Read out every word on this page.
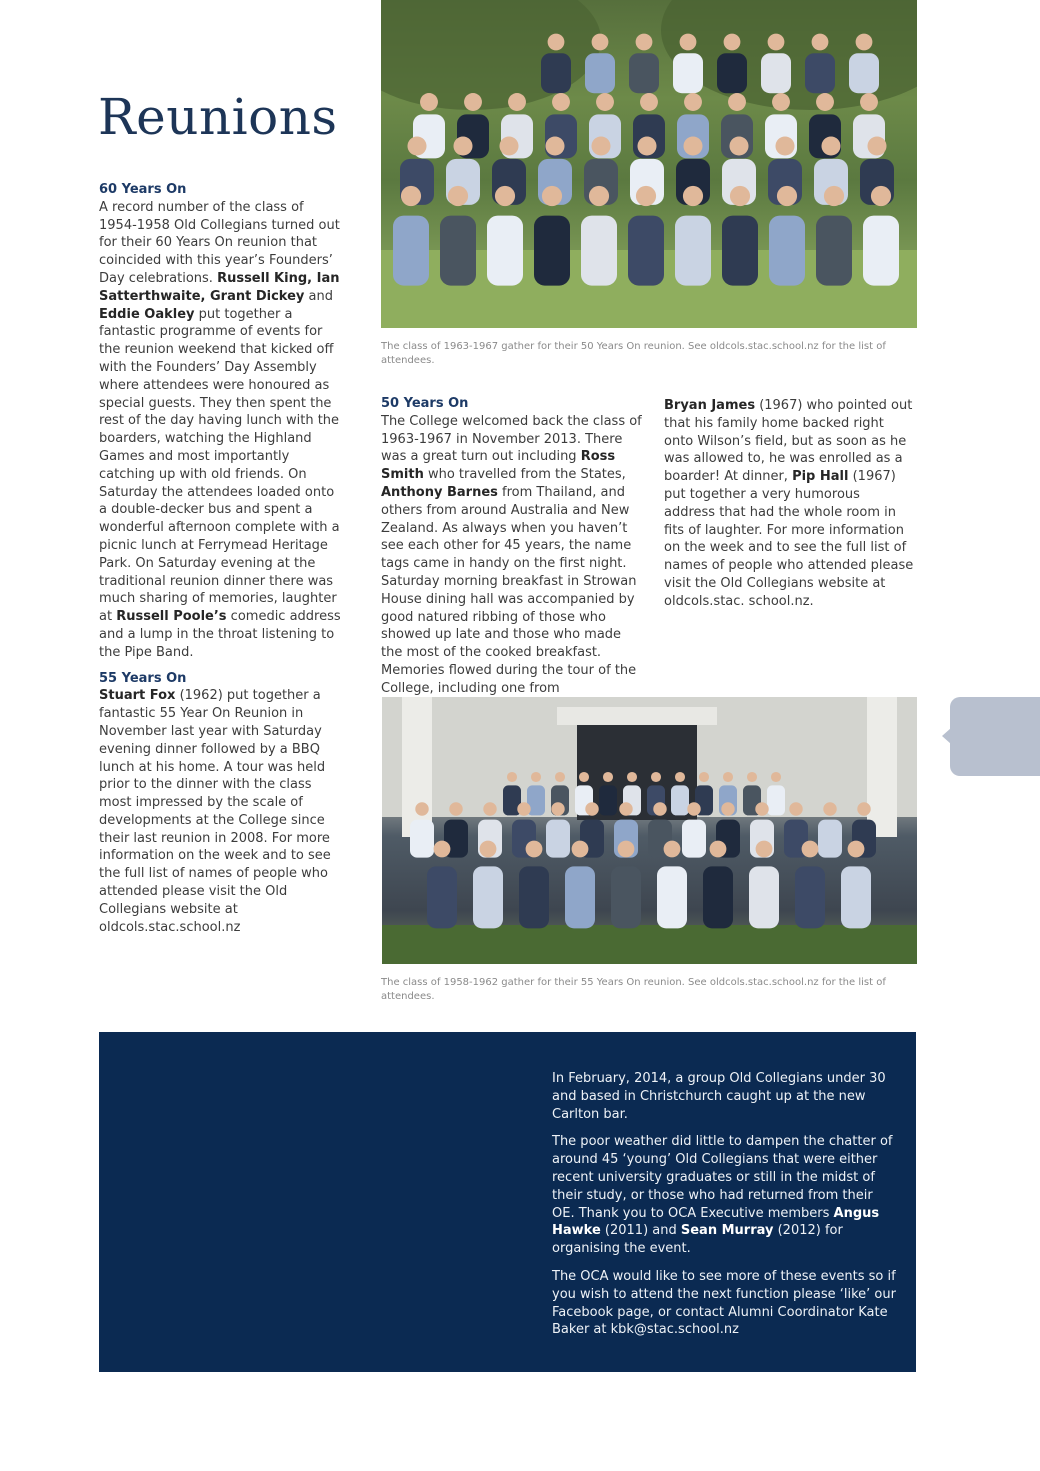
Reunions

The class of 1963-1967 gather for their 50 Years On reunion. See oldcols.stac.school.nz for the list of attendees.

60 Years On

A record number of the class of 1954-1958 Old Collegians turned out for their 60 Years On reunion that coincided with this year’s Founders’ Day celebrations. Russell King, Ian Satterthwaite, Grant Dickey and Eddie Oakley put together a fantastic programme of events for the reunion weekend that kicked off with the Founders’ Day Assembly where attendees were honoured as special guests. They then spent the rest of the day having lunch with the boarders, watching the Highland Games and most importantly catching up with old friends. On Saturday the attendees loaded onto a double-decker bus and spent a wonderful afternoon complete with a picnic lunch at Ferrymead Heritage Park. On Saturday evening at the traditional reunion dinner there was much sharing of memories, laughter at Russell Poole’s comedic address and a lump in the throat listening to the Pipe Band.

55 Years On

Stuart Fox (1962) put together a fantastic 55 Year On Reunion in November last year with Saturday evening dinner followed by a BBQ lunch at his home. A tour was held prior to the dinner with the class most impressed by the scale of developments at the College since their last reunion in 2008. For more information on the week and to see the full list of names of people who attended please visit the Old Collegians website at oldcols.stac.school.nz

50 Years On

The College welcomed back the class of 1963-1967 in November 2013. There was a great turn out including Ross Smith who travelled from the States, Anthony Barnes from Thailand, and others from around Australia and New Zealand. As always when you haven’t see each other for 45 years, the name tags came in handy on the first night. Saturday morning breakfast in Strowan House dining hall was accompanied by good natured ribbing of those who showed up late and those who made the most of the cooked breakfast. Memories flowed during the tour of the College, including one from

Bryan James (1967) who pointed out that his family home backed right onto Wilson’s field, but as soon as he was allowed to, he was enrolled as a boarder! At dinner, Pip Hall (1967) put together a very humorous address that had the whole room in fits of laughter. For more information on the week and to see the full list of names of people who attended please visit the Old Collegians website at oldcols.stac. school.nz.

The class of 1958-1962 gather for their 55 Years On reunion. See oldcols.stac.school.nz for the list of attendees.

In February, 2014, a group Old Collegians under 30 and based in Christchurch caught up at the new Carlton bar.

The poor weather did little to dampen the chatter of around 45 ‘young’ Old Collegians that were either recent university graduates or still in the midst of their study, or those who had returned from their OE. Thank you to OCA Executive members Angus Hawke (2011) and Sean Murray (2012) for organising the event.

The OCA would like to see more of these events so if you wish to attend the next function please ‘like’ our Facebook page, or contact Alumni Coordinator Kate Baker at kbk@stac.school.nz
